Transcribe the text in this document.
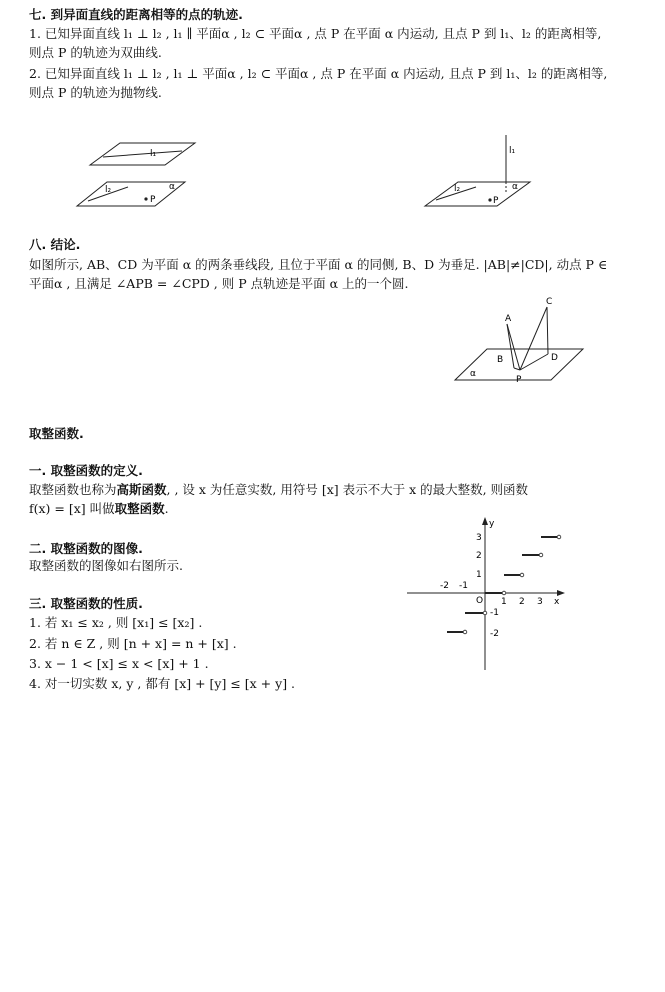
七. 到异面直线的距离相等的点的轨迹.
1. 已知异面直线 l₁ ⊥ l₂ , l₁ ∥ 平面α , l₂ ⊂ 平面α , 点 P 在平面 α 内运动, 且点 P 到 l₁、l₂ 的距离相等, 则点 P 的轨迹为双曲线.
2. 已知异面直线 l₁ ⊥ l₂ , l₁ ⊥ 平面α , l₂ ⊂ 平面α , 点 P 在平面 α 内运动, 且点 P 到 l₁、l₂ 的距离相等, 则点 P 的轨迹为抛物线.
l₁
l₂	α
P
l₁
l₂	α
P
八. 结论.
如图所示, AB、CD 为平面 α 的两条垂线段, 且位于平面 α 的同侧, B、D 为垂足. |AB|≠|CD|, 动点 P ∈ 平面α , 且满足 ∠APB = ∠CPD , 则 P 点轨迹是平面 α 上的一个圆.
A
C
B	D
P
α
取整函数.
一. 取整函数的定义.
取整函数也称为高斯函数, , 设 x 为任意实数, 用符号 [x] 表示不大于 x 的最大整数, 则函数
f(x) = [x] 叫做取整函数.
二. 取整函数的图像.
取整函数的图像如右图所示.
三. 取整函数的性质.
1. 若 x₁ ≤ x₂ , 则 [x₁] ≤ [x₂] .
2. 若 n ∈ Z , 则 [n + x] = n + [x] .
3. x − 1 < [x] ≤ x < [x] + 1 .
4. 对一切实数 x, y , 都有 [x] + [y] ≤ [x + y] .
y
x
O
-2 -1
1 2 3
3
2
1
-1
-2
